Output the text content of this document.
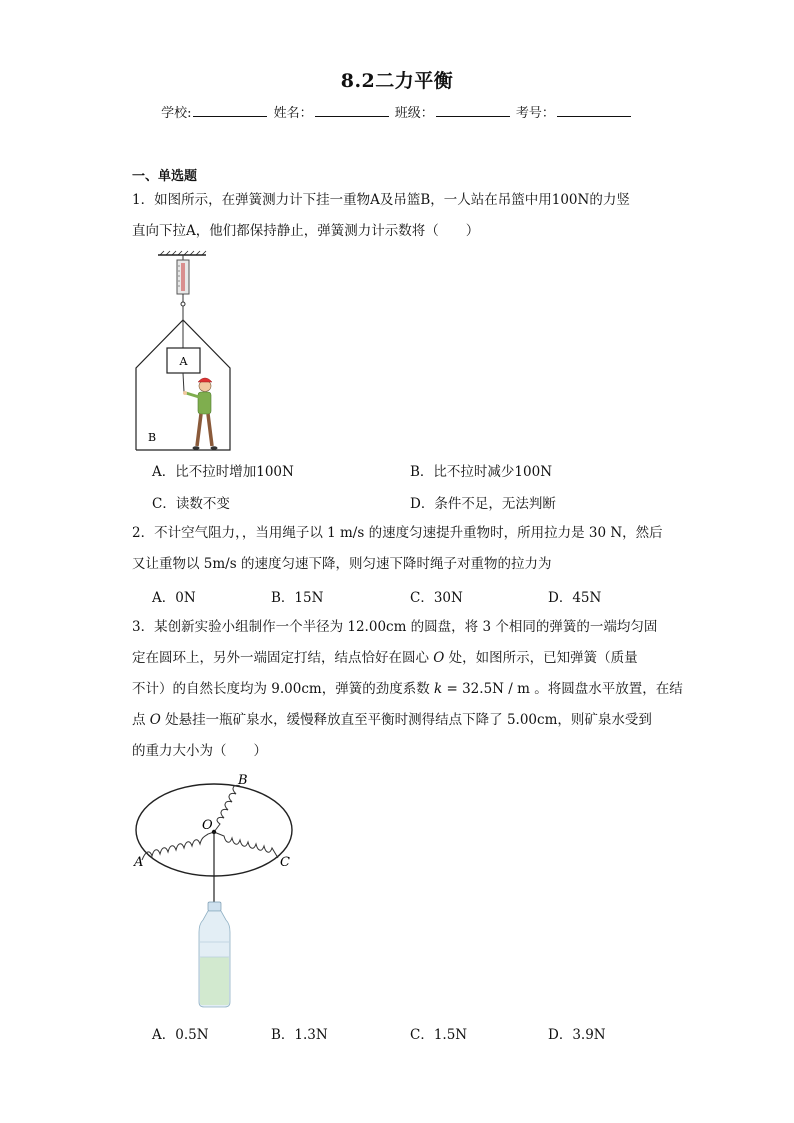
8.2二力平衡
学校:	姓名：	班级：	考号：
一、单选题
1．如图所示，在弹簧测力计下挂一重物A及吊篮B，一人站在吊篮中用100N的力竖
直向下拉A，他们都保持静止，弹簧测力计示数将（　　）
A
B
A．比不拉时增加100N	B．比不拉时减少100N
C．读数不变	D．条件不足，无法判断
2．不计空气阻力，，当用绳子以 1 m/s 的速度匀速提升重物时，所用拉力是 30 N，然后
又让重物以 5m/s 的速度匀速下降，则匀速下降时绳子对重物的拉力为
A．0N	B．15N	C．30N	D．45N
3．某创新实验小组制作一个半径为 12.00cm 的圆盘，将 3 个相同的弹簧的一端均匀固
定在圆环上，另外一端固定打结，结点恰好在圆心 O 处，如图所示，已知弹簧（质量
不计）的自然长度均为 9.00cm，弹簧的劲度系数 k = 32.5N / m 。将圆盘水平放置，在结
点 O 处悬挂一瓶矿泉水，缓慢释放直至平衡时测得结点下降了 5.00cm，则矿泉水受到
的重力大小为（　　）
O
B
A	C
A．0.5N	B．1.3N	C．1.5N	D．3.9N
